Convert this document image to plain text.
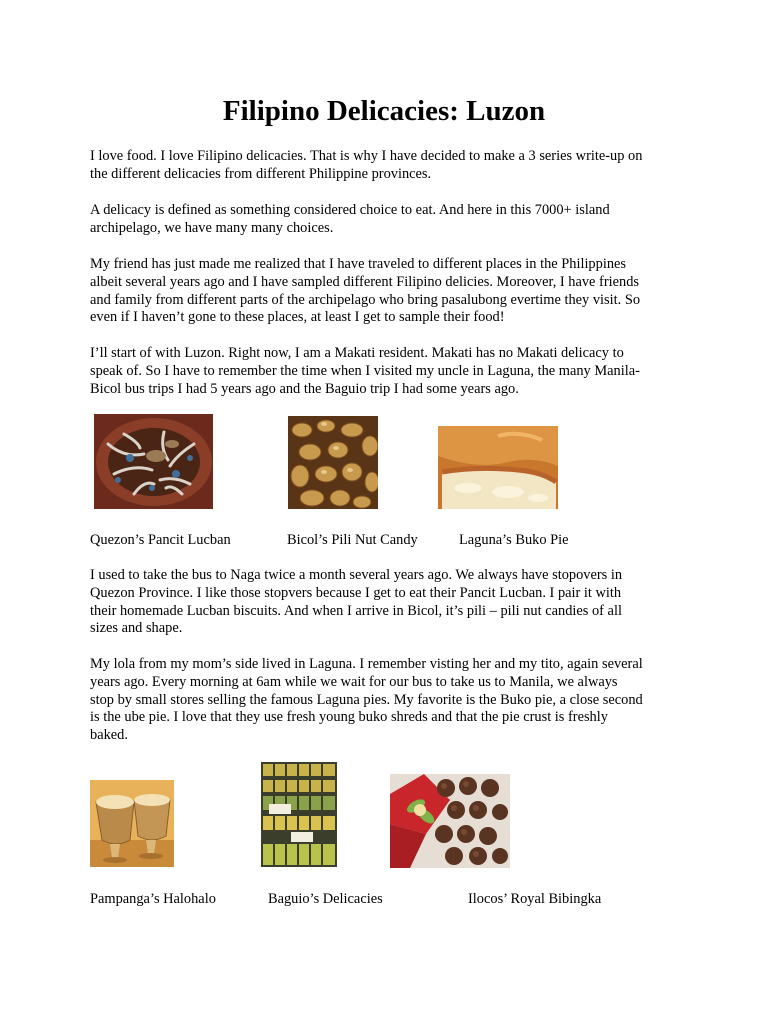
Filipino Delicacies: Luzon

I love food. I love Filipino delicacies. That is why I have decided to make a 3 series write-up on
the different delicacies from different Philippine provinces.

A delicacy is defined as something considered choice to eat. And here in this 7000+ island
archipelago, we have many many choices.

My friend has just made me realized that I have traveled to different places in the Philippines
albeit several years ago and I have sampled different Filipino delicies. Moreover, I have friends
and family from different parts of the archipelago who bring pasalubong evertime they visit. So
even if I haven’t gone to these places, at least I get to sample their food!

I’ll start of with Luzon. Right now, I am a Makati resident. Makati has no Makati delicacy to
speak of. So I have to remember the time when I visited my uncle in Laguna, the many Manila-
Bicol bus trips I had 5 years ago and the Baguio trip I had some years ago.

Quezon’s Pancit Lucban	Bicol’s Pili Nut Candy	Laguna’s Buko Pie

I used to take the bus to Naga twice a month several years ago. We always have stopovers in
Quezon Province. I like those stopvers because I get to eat their Pancit Lucban. I pair it with
their homemade Lucban biscuits. And when I arrive in Bicol, it’s pili – pili nut candies of all
sizes and shape.

My lola from my mom’s side lived in Laguna. I remember visting her and my tito, again several
years ago. Every morning at 6am while we wait for our bus to take us to Manila, we always
stop by small stores selling the famous Laguna pies. My favorite is the Buko pie, a close second
is the ube pie. I love that they use fresh young buko shreds and that the pie crust is freshly
baked.

Pampanga’s Halohalo	Baguio’s Delicacies	Ilocos’ Royal Bibingka
